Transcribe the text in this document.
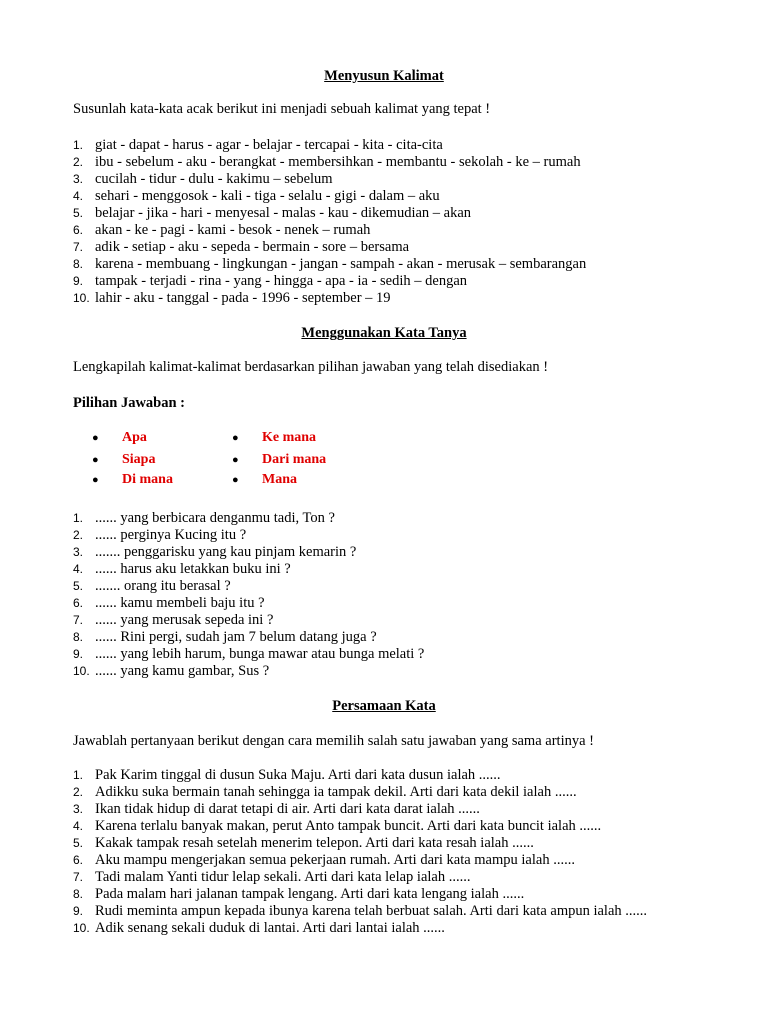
Menyusun Kalimat
Susunlah kata-kata acak berikut ini menjadi sebuah kalimat yang tepat !
1. giat - dapat - harus - agar - belajar - tercapai - kita - cita-cita
2. ibu - sebelum - aku - berangkat - membersihkan - membantu - sekolah - ke – rumah
3. cucilah - tidur - dulu - kakimu – sebelum
4. sehari - menggosok - kali - tiga - selalu - gigi - dalam – aku
5. belajar - jika - hari - menyesal - malas - kau - dikemudian – akan
6. akan - ke - pagi - kami - besok - nenek – rumah
7. adik - setiap - aku - sepeda - bermain - sore – bersama
8. karena - membuang - lingkungan - jangan - sampah - akan - merusak – sembarangan
9. tampak - terjadi - rina - yang - hingga - apa - ia - sedih – dengan
10. lahir - aku - tanggal - pada - 1996 - september – 19
Menggunakan Kata Tanya
Lengkapilah kalimat-kalimat berdasarkan pilihan jawaban yang telah disediakan !
Pilihan Jawaban :
● Apa
● Siapa
● Di mana
● Ke mana
● Dari mana
● Mana
1. ...... yang berbicara denganmu tadi, Ton ?
2. ...... perginya Kucing itu ?
3. ....... penggarisku yang kau pinjam kemarin ?
4. ...... harus aku letakkan buku ini ?
5. ....... orang itu berasal ?
6. ...... kamu membeli baju itu ?
7. ...... yang merusak sepeda ini ?
8. ...... Rini pergi, sudah jam 7 belum datang juga ?
9. ...... yang lebih harum, bunga mawar atau bunga melati ?
10. ...... yang kamu gambar, Sus ?
Persamaan Kata
Jawablah pertanyaan berikut dengan cara memilih salah satu jawaban yang sama artinya !
1. Pak Karim tinggal di dusun Suka Maju. Arti dari kata dusun ialah ......
2. Adikku suka bermain tanah sehingga ia tampak dekil. Arti dari kata dekil ialah ......
3. Ikan tidak hidup di darat tetapi di air. Arti dari kata darat ialah ......
4. Karena terlalu banyak makan, perut Anto tampak buncit. Arti dari kata buncit ialah ......
5. Kakak tampak resah setelah menerim telepon. Arti dari kata resah ialah ......
6. Aku mampu mengerjakan semua pekerjaan rumah. Arti dari kata mampu ialah ......
7. Tadi malam Yanti tidur lelap sekali. Arti dari kata lelap ialah ......
8. Pada malam hari jalanan tampak lengang. Arti dari kata lengang ialah ......
9. Rudi meminta ampun kepada ibunya karena telah berbuat salah. Arti dari kata ampun ialah ......
10. Adik senang sekali duduk di lantai. Arti dari lantai ialah ......
